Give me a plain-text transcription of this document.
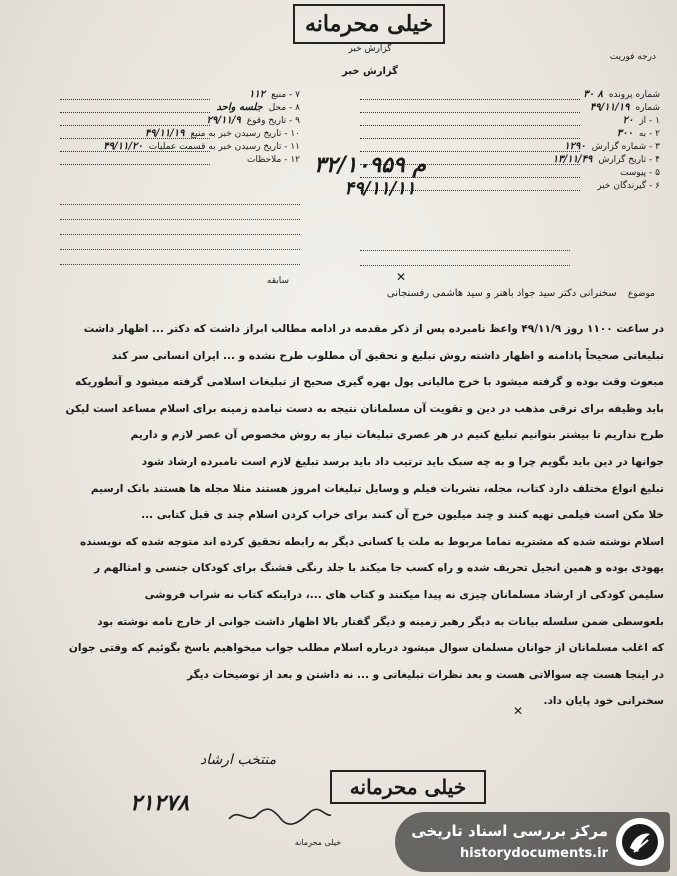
خیلی محرمانه
گزارش خبر
گزارش خبر
درجه فوریت
۷ - منبع
۱۱۲
۸ - محل
جلسه واحد
۹ - تاریخ وقوع
۲۹/۱۱/۹
۱۰ - تاریخ رسیدن خبر به منبع
۴۹/۱۱/۱۹
۱۱ - تاریخ رسیدن خبر به قسمت عملیات
۴۹/۱۱/۲۰
۱۲ - ملاحظات
شماره پرونده
۸ ۳۰
شماره
۴۹/۱۱/۱۹
۱ - از
۲۰
۲ - به
۳۰۰
۳ - شماره گزارش
۱۲۹۰
۴ - تاریخ گزارش
۱۳/۱۱/۴۹
۵ - پیوست
۶ - گیرندگان خبر
۳۲/۱۰۹۵۹ م
۴۹/۱۱/۱۱
سابقه	✕
موضوع سخنرانی دکتر سید جواد باهنر و سید هاشمی رفسنجانی
در ساعت ۱۱۰۰ روز ۴۹/۱۱/۹ واعظ نامبرده پس از ذکر مقدمه در ادامه مطالب ابراز داشت که دکتر ... اظهار داشت
تبلیغاتی صحیحاً پادامنه و اظهار داشته روش تبلیغ و تحقیق آن مطلوب طرح نشده و ... ایران انسانی سر کند
مبعوث وقت بوده و گرفته میشود با خرج مالیاتی پول بهره گیری صحیح از تبلیغات اسلامی گرفته میشود و آنطوریکه
باید وظیفه برای ترقی مذهب در دین و تقویت آن مسلمانان نتیجه به دست نیامده زمینه برای اسلام مساعد است لیکن
طرح نداریم تا بیشتر بتوانیم تبلیغ کنیم در هر عصری تبلیغات نیاز به روش مخصوص آن عصر لازم و داریم
جوانها در دین باید بگویم چرا و به چه سبک باید ترتیب داد باید برسد تبلیغ لازم است نامبرده ارشاد شود
تبلیغ انواع مختلف دارد کتاب، مجله، نشریات فیلم و وسایل تبلیغات امروز هستند مثلا مجله ها هستند بانک ارسیم
خلا مکن است فیلمی تهیه کنند و چند میلیون خرج آن کنند برای خراب کردن اسلام چند ی قبل کتابی ...
اسلام نوشته شده که مشتریه تماما مربوط به ملت یا کسانی دیگر به رابطه تحقیق کرده اند متوجه شده که نویسنده
یهودی بوده و همین انجیل تحریف شده و راه کسب جا میکند با جلد رنگی قشنگ برای کودکان جنسی و امثالهم ر
سلیمن کودکی از ارشاد مسلمانان چیزی نه پیدا میکنند و کتاب های ...، دراینکه کتاب نه شراب فروشی
بلعوسطی ضمن سلسله بیانات به دیگر رهبر زمینه و دیگر گفتار بالا اظهار داشت جوانی از خارج نامه نوشته بود
که اغلب مسلمانان از جوانان مسلمان سوال میشود درباره اسلام مطلب جواب میخواهیم باسخ بگوئیم که وقتی جوان
در اینجا هست چه سوالاتی هست و بعد نظرات تبلیغاتی و ... نه داشتن و بعد از توضیحات دیگر
سخنرانی خود پایان داد.
✕
منتخب ارشاد
خیلی محرمانه
۲۱۲۷۸
خیلی محرمانه
مرکز بررسی اسناد تاریخی
historydocuments.ir
